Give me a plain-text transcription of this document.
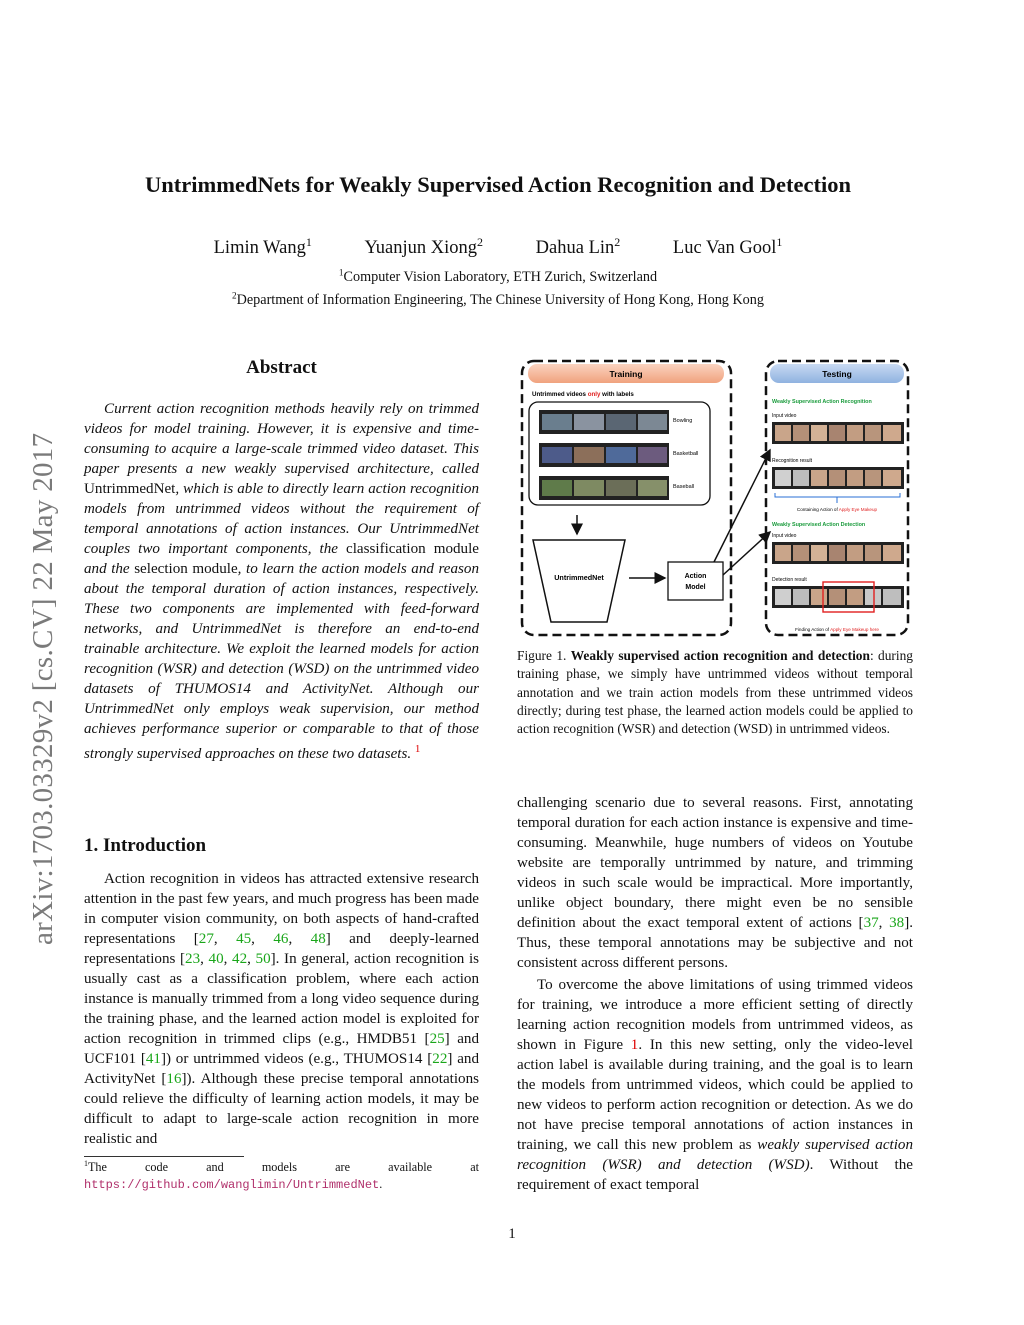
arXiv:1703.03329v2 [cs.CV] 22 May 2017
UntrimmedNets for Weakly Supervised Action Recognition and Detection
Limin Wang$^1$	Yuanjun Xiong$^2$	Dahua Lin$^2$	Luc Van Gool$^1$
$^1$Computer Vision Laboratory, ETH Zurich, Switzerland
$^2$Department of Information Engineering, The Chinese University of Hong Kong, Hong Kong
Abstract
Current action recognition methods heavily rely on trimmed videos for model training. However, it is expensive and time-consuming to acquire a large-scale trimmed video dataset. This paper presents a new weakly supervised architecture, called UntrimmedNet, which is able to directly learn action recognition models from untrimmed videos without the requirement of temporal annotations of action instances. Our UntrimmedNet couples two important components, the classification module and the selection module, to learn the action models and reason about the temporal duration of action instances, respectively. These two components are implemented with feed-forward networks, and UntrimmedNet is therefore an end-to-end trainable architecture. We exploit the learned models for action recognition (WSR) and detection (WSD) on the untrimmed video datasets of THUMOS14 and ActivityNet. Although our UntrimmedNet only employs weak supervision, our method achieves performance superior or comparable to that of those strongly supervised approaches on these two datasets. $^1$
1. Introduction
Action recognition in videos has attracted extensive research attention in the past few years, and much progress has been made in computer vision community, on both aspects of hand-crafted representations [27, 45, 46, 48] and deeply-learned representations [23, 40, 42, 50]. In general, action recognition is usually cast as a classification problem, where each action instance is manually trimmed from a long video sequence during the training phase, and the learned action model is exploited for action recognition in trimmed clips (e.g., HMDB51 [25] and UCF101 [41]) or untrimmed videos (e.g., THUMOS14 [22] and ActivityNet [16]). Although these precise temporal annotations could relieve the difficulty of learning action models, it may be difficult to adapt to large-scale action recognition in more realistic and
$^1$The code and models are available at https://github.com/wanglimin/UntrimmedNet.
Training
Untrimmed videos only with labels
Bowling
Basketball
Baseball
UntrimmedNet	Action
Model
Testing
Weakly Supervised Action Recognition
Input video
Recognition result
Containing Action of Apply Eye Makeup
Weakly Supervised Action Detection
Input video
Detection result
Finding Action of Apply Eye Makeup here
Figure 1. Weakly supervised action recognition and detection: during training phase, we simply have untrimmed videos without temporal annotation and we train action models from these untrimmed videos directly; during test phase, the learned action models could be applied to action recognition (WSR) and detection (WSD) in untrimmed videos.
challenging scenario due to several reasons. First, annotating temporal duration for each action instance is expensive and time-consuming. Meanwhile, huge numbers of videos on Youtube website are temporally untrimmed by nature, and trimming videos in such scale would be impractical. More importantly, unlike object boundary, there might even be no sensible definition about the exact temporal extent of actions [37, 38]. Thus, these temporal annotations may be subjective and not consistent across different persons.
To overcome the above limitations of using trimmed videos for training, we introduce a more efficient setting of directly learning action recognition models from untrimmed videos, as shown in Figure 1. In this new setting, only the video-level action label is available during training, and the goal is to learn the models from untrimmed videos, which could be applied to new videos to perform action recognition or detection. As we do not have precise temporal annotations of action instances in training, we call this new problem as weakly supervised action recognition (WSR) and detection (WSD). Without the requirement of exact temporal
1
